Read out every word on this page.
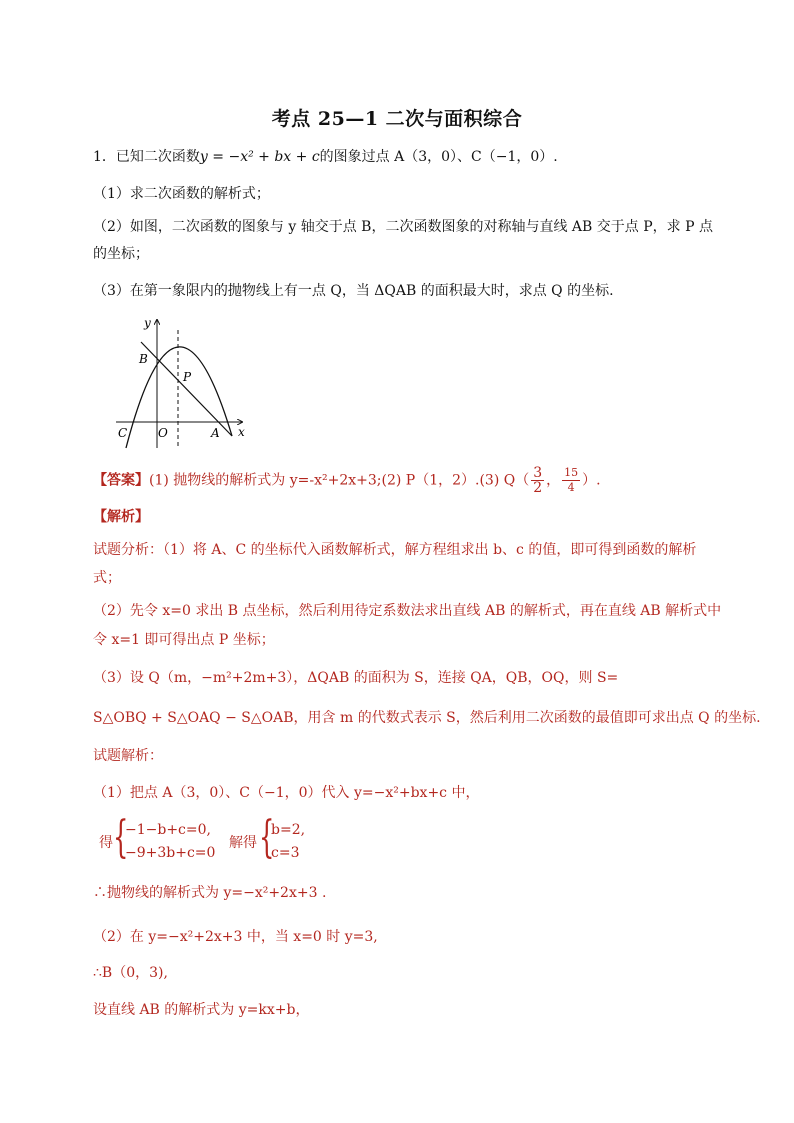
考点 25—1 二次与面积综合
1．已知二次函数y = −x² + bx + c的图象过点 A（3，0）、C（−1，0）.
（1）求二次函数的解析式；
（2）如图，二次函数的图象与 y 轴交于点 B，二次函数图象的对称轴与直线 AB 交于点 P，求 P 点
的坐标；
（3）在第一象限内的抛物线上有一点 Q，当 ΔQAB 的面积最大时，求点 Q 的坐标.
y
x
B
P
C	O	A
【答案】(1) 抛物线的解析式为 y=-x²+2x+3;(2) P（1，2）.(3) $Q( \frac{3}{2}$ ， $\frac{15}{4}$ ）.
【解析】
试题分析：（1）将 A、C 的坐标代入函数解析式，解方程组求出 b、c 的值，即可得到函数的解析
式；
（2）先令 x=0 求出 B 点坐标，然后利用待定系数法求出直线 AB 的解析式，再在直线 AB 解析式中
令 x=1 即可得出点 P 坐标；
（3）设 Q（m，−m²+2m+3），ΔQAB 的面积为 S，连接 QA，QB，OQ，则 S=
S△OBQ + S△OAQ − S△OAB，用含 m 的代数式表示 S，然后利用二次函数的最值即可求出点 Q 的坐标.
试题解析：
（1）把点 A（3，0）、C（−1，0）代入 y=−x²+bx+c 中，
得 {
−1−b+c=0,
−9+3b+c=0
解得 {
b=2,
c=3
∴抛物线的解析式为 y=−x²+2x+3 .
（2）在 y=−x²+2x+3 中，当 x=0 时 y=3,
∴B（0，3),
设直线 AB 的解析式为 y=kx+b，
